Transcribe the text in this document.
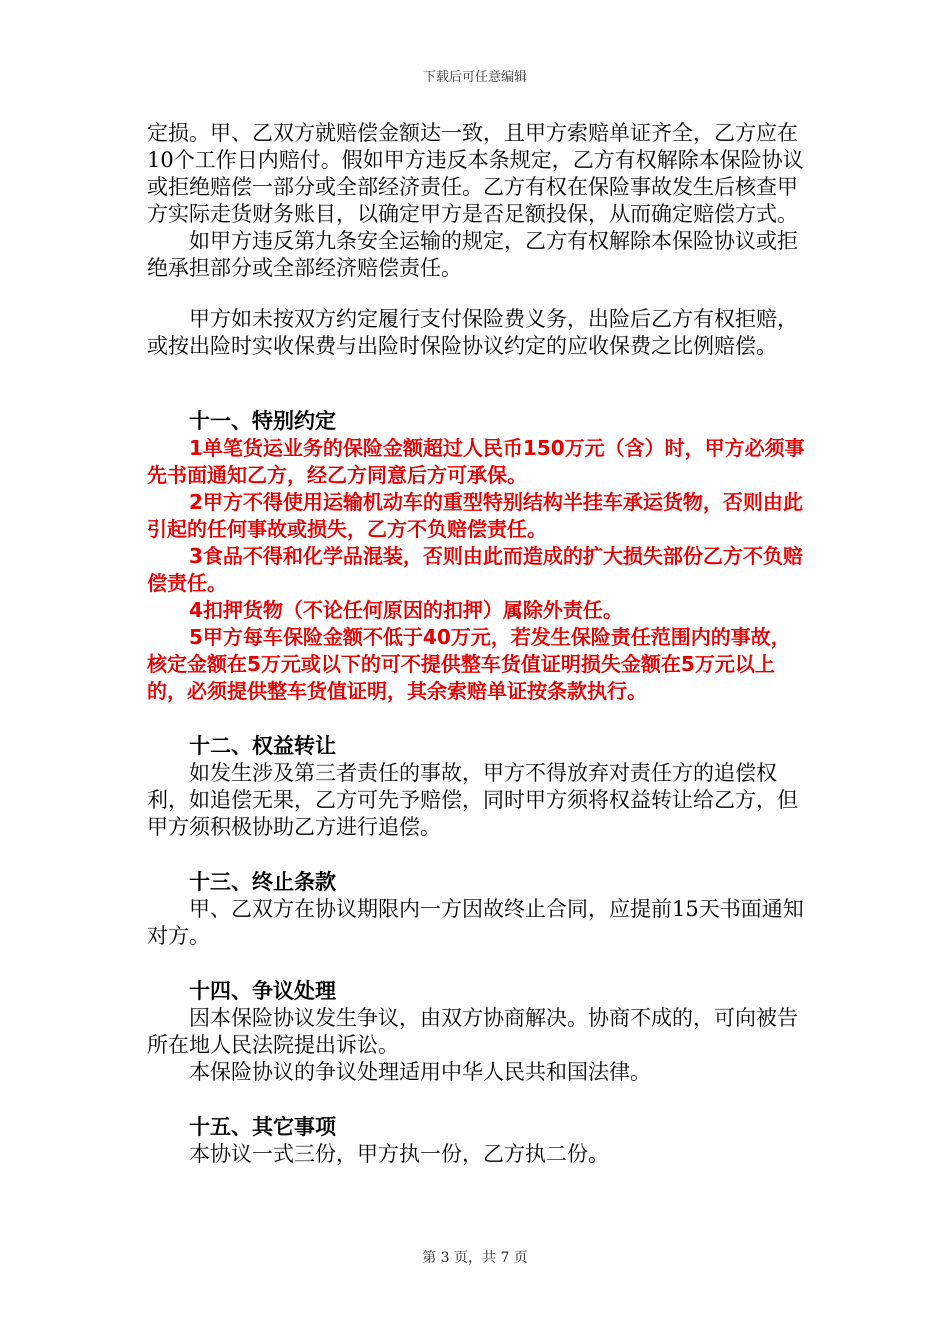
下载后可任意编辑

定损。甲、乙双方就赔偿金额达一致，且甲方索赔单证齐全，乙方应在10个工作日内赔付。假如甲方违反本条规定，乙方有权解除本保险协议或拒绝赔偿一部分或全部经济责任。乙方有权在保险事故发生后核查甲方实际走货财务账目，以确定甲方是否足额投保，从而确定赔偿方式。

如甲方违反第九条安全运输的规定，乙方有权解除本保险协议或拒绝承担部分或全部经济赔偿责任。

甲方如未按双方约定履行支付保险费义务，出险后乙方有权拒赔，或按出险时实收保费与出险时保险协议约定的应收保费之比例赔偿。

十一、特别约定

1单笔货运业务的保险金额超过人民币150万元（含）时，甲方必须事先书面通知乙方，经乙方同意后方可承保。

2甲方不得使用运输机动车的重型特别结构半挂车承运货物，否则由此引起的任何事故或损失，乙方不负赔偿责任。

3食品不得和化学品混装，否则由此而造成的扩大损失部份乙方不负赔偿责任。

4扣押货物（不论任何原因的扣押）属除外责任。

5甲方每车保险金额不低于40万元，若发生保险责任范围内的事故，核定金额在5万元或以下的可不提供整车货值证明损失金额在5万元以上的，必须提供整车货值证明，其余索赔单证按条款执行。

十二、权益转让

如发生涉及第三者责任的事故，甲方不得放弃对责任方的追偿权利，如追偿无果，乙方可先予赔偿，同时甲方须将权益转让给乙方，但甲方须积极协助乙方进行追偿。

十三、终止条款

甲、乙双方在协议期限内一方因故终止合同，应提前15天书面通知对方。

十四、争议处理

因本保险协议发生争议，由双方协商解决。协商不成的，可向被告所在地人民法院提出诉讼。

本保险协议的争议处理适用中华人民共和国法律。

十五、其它事项

本协议一式三份，甲方执一份，乙方执二份。

第 3 页，共 7 页
